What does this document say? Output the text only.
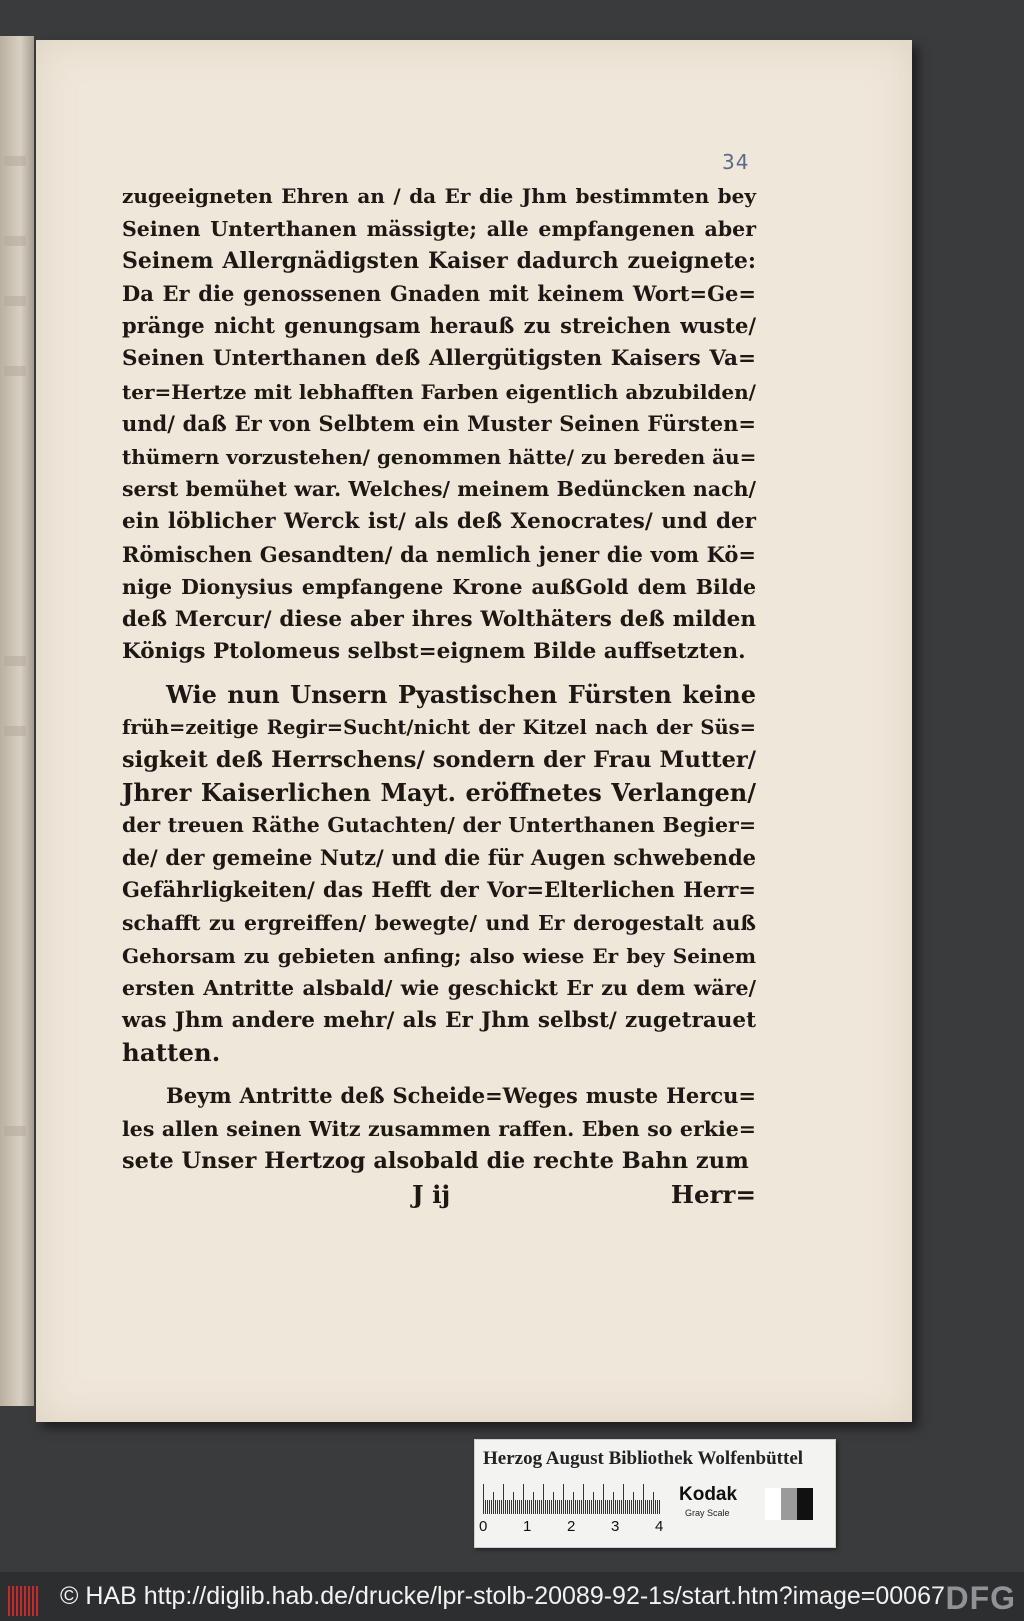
34
zugeeigneten Ehren an / da Er die Jhm bestimmten bey
Seinen Unterthanen mässigte; alle empfangenen aber
Seinem Allergnädigsten Kaiser dadurch zueignete:
Da Er die genossenen Gnaden mit keinem Wort=Ge=
pränge nicht genungsam herauß zu streichen wuste/
Seinen Unterthanen deß Allergütigsten Kaisers Va=
ter=Hertze mit lebhafften Farben eigentlich abzubilden/
und/ daß Er von Selbtem ein Muster Seinen Fürsten=
thümern vorzustehen/ genommen hätte/ zu bereden äu=
serst bemühet war. Welches/ meinem Bedüncken nach/
ein löblicher Werck ist/ als deß Xenocrates/ und der
Römischen Gesandten/ da nemlich jener die vom Kö=
nige Dionysius empfangene Krone außGold dem Bilde
deß Mercur/ diese aber ihres Wolthäters deß milden
Königs Ptolomeus selbst=eignem Bilde auffsetzten.
Wie nun Unsern Pyastischen Fürsten keine
früh=zeitige Regir=Sucht/nicht der Kitzel nach der Süs=
sigkeit deß Herrschens/ sondern der Frau Mutter/
Jhrer Kaiserlichen Mayt. eröffnetes Verlangen/
der treuen Räthe Gutachten/ der Unterthanen Begier=
de/ der gemeine Nutz/ und die für Augen schwebende
Gefährligkeiten/ das Hefft der Vor=Elterlichen Herr=
schafft zu ergreiffen/ bewegte/ und Er derogestalt auß
Gehorsam zu gebieten anfing; also wiese Er bey Seinem
ersten Antritte alsbald/ wie geschickt Er zu dem wäre/
was Jhm andere mehr/ als Er Jhm selbst/ zugetrauet
hatten.
Beym Antritte deß Scheide=Weges muste Hercu=
les allen seinen Witz zusammen raffen. Eben so erkie=
sete Unser Hertzog alsobald die rechte Bahn zum
J ij	Herr=
Herzog August Bibliothek Wolfenbüttel
0 1 2 3 4
Kodak
Gray Scale
© HAB http://diglib.hab.de/drucke/lpr-stolb-20089-92-1s/start.htm?image=00067 DFG
